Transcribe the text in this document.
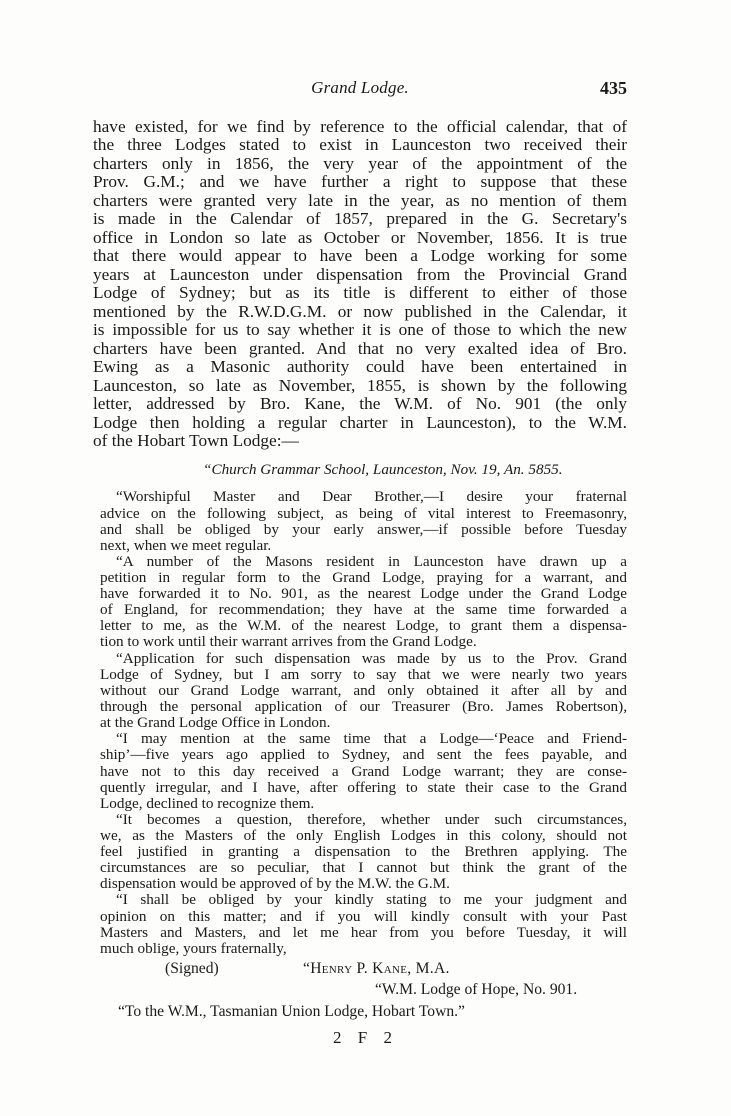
Grand Lodge.	435
have existed, for we find by reference to the official calendar, that of
the three Lodges stated to exist in Launceston two received their
charters only in 1856, the very year of the appointment of the
Prov. G.M.; and we have further a right to suppose that these
charters were granted very late in the year, as no mention of them
is made in the Calendar of 1857, prepared in the G. Secretary's
office in London so late as October or November, 1856. It is true
that there would appear to have been a Lodge working for some
years at Launceston under dispensation from the Provincial Grand
Lodge of Sydney; but as its title is different to either of those
mentioned by the R.W.D.G.M. or now published in the Calendar, it
is impossible for us to say whether it is one of those to which the new
charters have been granted. And that no very exalted idea of Bro.
Ewing as a Masonic authority could have been entertained in
Launceston, so late as November, 1855, is shown by the following
letter, addressed by Bro. Kane, the W.M. of No. 901 (the only
Lodge then holding a regular charter in Launceston), to the W.M.
of the Hobart Town Lodge:—
“Church Grammar School, Launceston, Nov. 19, An. 5855.
“Worshipful Master and Dear Brother,—I desire your fraternal
advice on the following subject, as being of vital interest to Freemasonry,
and shall be obliged by your early answer,—if possible before Tuesday
next, when we meet regular.
“A number of the Masons resident in Launceston have drawn up a
petition in regular form to the Grand Lodge, praying for a warrant, and
have forwarded it to No. 901, as the nearest Lodge under the Grand Lodge
of England, for recommendation; they have at the same time forwarded a
letter to me, as the W.M. of the nearest Lodge, to grant them a dispensa-
tion to work until their warrant arrives from the Grand Lodge.
“Application for such dispensation was made by us to the Prov. Grand
Lodge of Sydney, but I am sorry to say that we were nearly two years
without our Grand Lodge warrant, and only obtained it after all by and
through the personal application of our Treasurer (Bro. James Robertson),
at the Grand Lodge Office in London.
“I may mention at the same time that a Lodge—‘Peace and Friend-
ship’—five years ago applied to Sydney, and sent the fees payable, and
have not to this day received a Grand Lodge warrant; they are conse-
quently irregular, and I have, after offering to state their case to the Grand
Lodge, declined to recognize them.
“It becomes a question, therefore, whether under such circumstances,
we, as the Masters of the only English Lodges in this colony, should not
feel justified in granting a dispensation to the Brethren applying. The
circumstances are so peculiar, that I cannot but think the grant of the
dispensation would be approved of by the M.W. the G.M.
“I shall be obliged by your kindly stating to me your judgment and
opinion on this matter; and if you will kindly consult with your Past
Masters and Masters, and let me hear from you before Tuesday, it will
much oblige, yours fraternally,
(Signed)	“Henry P. Kane, M.A.
“W.M. Lodge of Hope, No. 901.
“To the W.M., Tasmanian Union Lodge, Hobart Town.”
2 F 2
